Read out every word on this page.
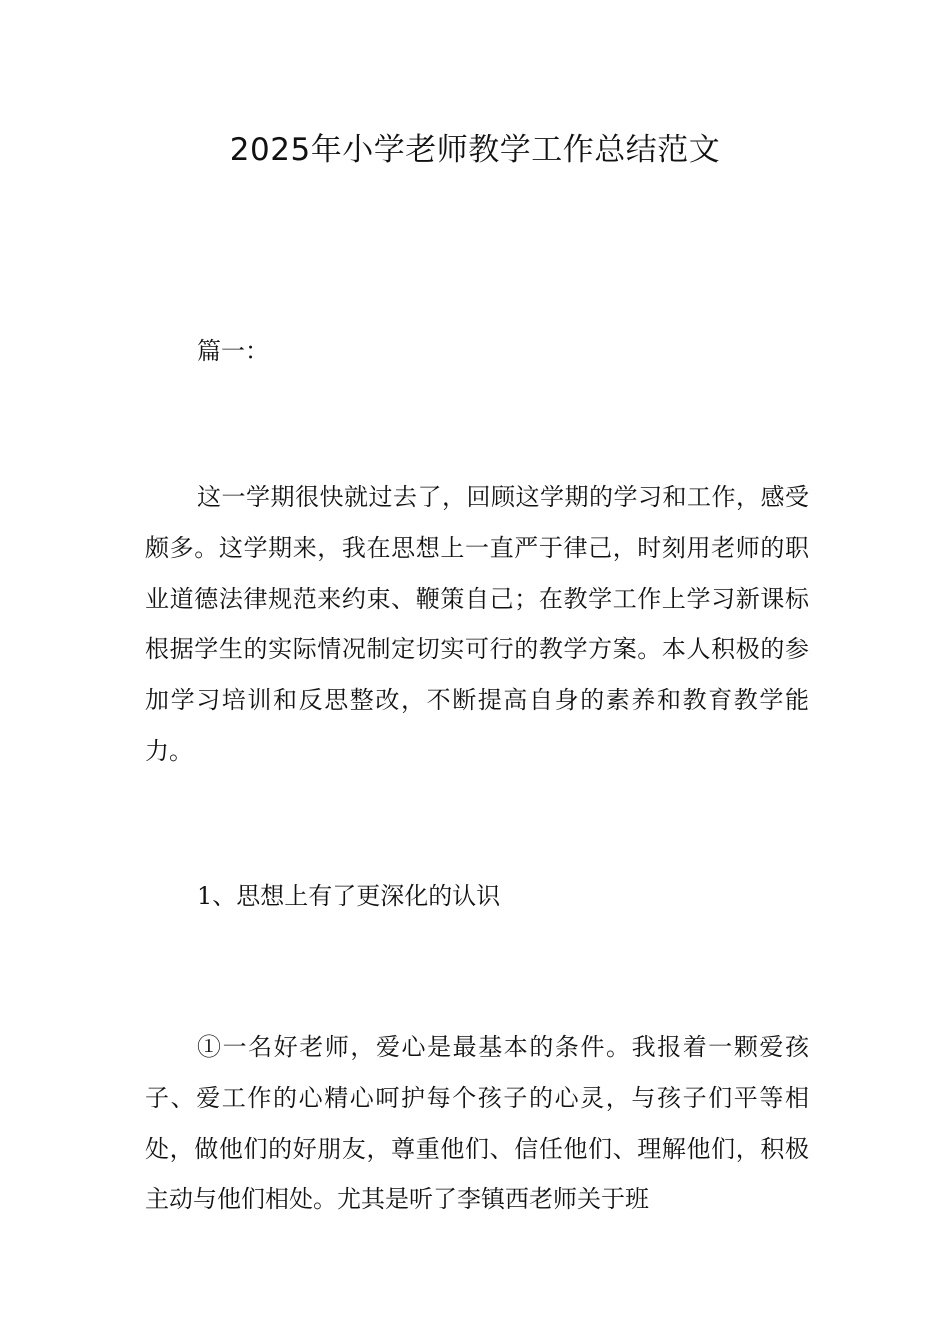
2025年小学老师教学工作总结范文
篇一：

这一学期很快就过去了，回顾这学期的学习和工作，感受颇多。这学期来，我在思想上一直严于律己，时刻用老师的职业道德法律规范来约束、鞭策自己；在教学工作上学习新课标根据学生的实际情况制定切实可行的教学方案。本人积极的参加学习培训和反思整改，不断提高自身的素养和教育教学能力。

1、思想上有了更深化的认识

①一名好老师，爱心是最基本的条件。我报着一颗爱孩子、爱工作的心精心呵护每个孩子的心灵，与孩子们平等相处，做他们的好朋友，尊重他们、信任他们、理解他们，积极主动与他们相处。尤其是听了李镇西老师关于班
